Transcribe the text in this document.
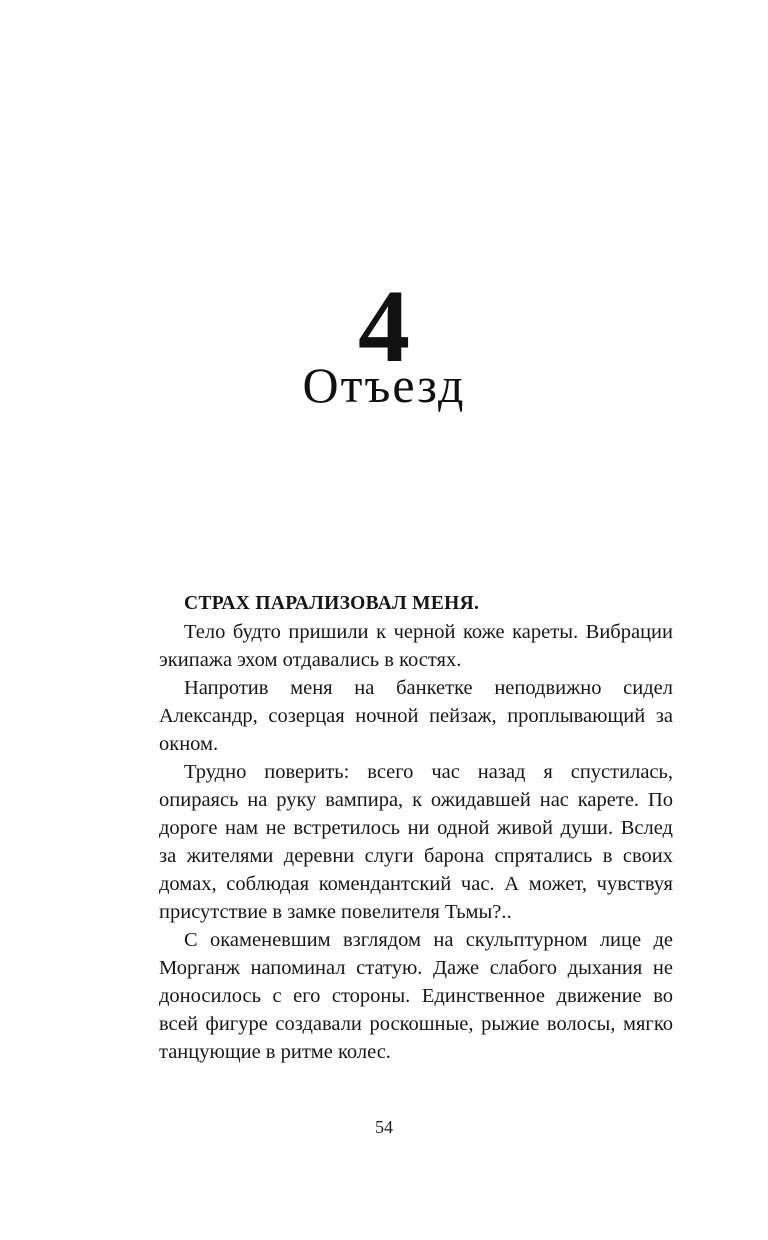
4
Отъезд

СТРАХ ПАРАЛИЗОВАЛ МЕНЯ.

Тело будто пришили к черной коже кареты. Вибрации экипажа эхом отдавались в костях.

Напротив меня на банкетке неподвижно сидел Александр, созерцая ночной пейзаж, проплывающий за окном.

Трудно поверить: всего час назад я спустилась, опираясь на руку вампира, к ожидавшей нас карете. По дороге нам не встретилось ни одной живой души. Вслед за жителями деревни слуги барона спрятались в своих домах, соблюдая комендантский час. А может, чувствуя присутствие в замке повелителя Тьмы?..

С окаменевшим взглядом на скульптурном лице де Морганж напоминал статую. Даже слабого дыхания не доносилось с его стороны. Единственное движение во всей фигуре создавали роскошные, рыжие волосы, мягко танцующие в ритме колес.

54
